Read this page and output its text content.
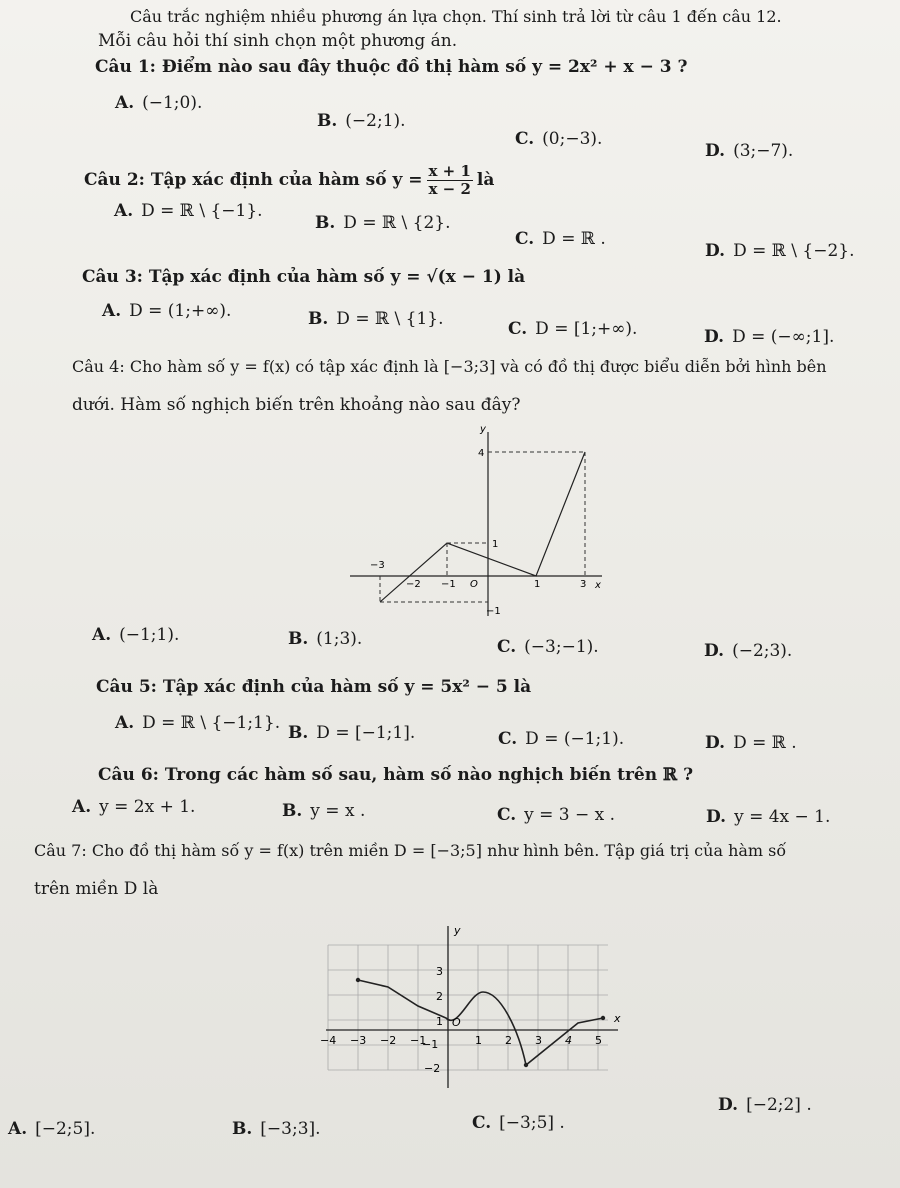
Câu trắc nghiệm nhiều phương án lựa chọn. Thí sinh trả lời từ câu 1 đến câu 12.
Mỗi câu hỏi thí sinh chọn một phương án.
Câu 1: Điểm nào sau đây thuộc đồ thị hàm số y = 2x² + x − 3 ?
A. (−1;0).
B. (−2;1).
C. (0;−3).
D. (3;−7).
Câu 2: Tập xác định của hàm số $y = \frac{x + 1}{x - 2}$ là
A. D = ℝ \ {−1}.
B. D = ℝ \ {2}.
C. D = ℝ .
D. D = ℝ \ {−2}.
Câu 3: Tập xác định của hàm số y = √(x − 1) là
A. D = (1;+∞).	B. D = ℝ \ {1}.	C. D = [1;+∞).	D. D = (−∞;1].
Câu 4: Cho hàm số y = f(x) có tập xác định là [−3;3] và có đồ thị được biểu diễn bởi hình bên
dưới. Hàm số nghịch biến trên khoảng nào sau đây?
y
x
4
1
−1
−3
−2 −1 O	1	3
A. (−1;1).	B. (1;3).	C. (−3;−1).	D. (−2;3).
Câu 5: Tập xác định của hàm số y = 5x² − 5 là
A. D = ℝ \ {−1;1}. B. D = [−1;1].	C. D = (−1;1).	D. D = ℝ .
Câu 6: Trong các hàm số sau, hàm số nào nghịch biến trên ℝ ?
A. y = 2x + 1.	B. y = x .	C. y = 3 − x .	D. y = 4x − 1.
Câu 7: Cho đồ thị hàm số y = f(x) trên miền D = [−3;5] như hình bên. Tập giá trị của hàm số
trên miền D là
y
x
3
2
1
−1
−2
O
−4 −3 −2 −1	1 2 3 4 5
A. [−2;5].	B. [−3;3].	C. [−3;5] .
D. [−2;2] .
